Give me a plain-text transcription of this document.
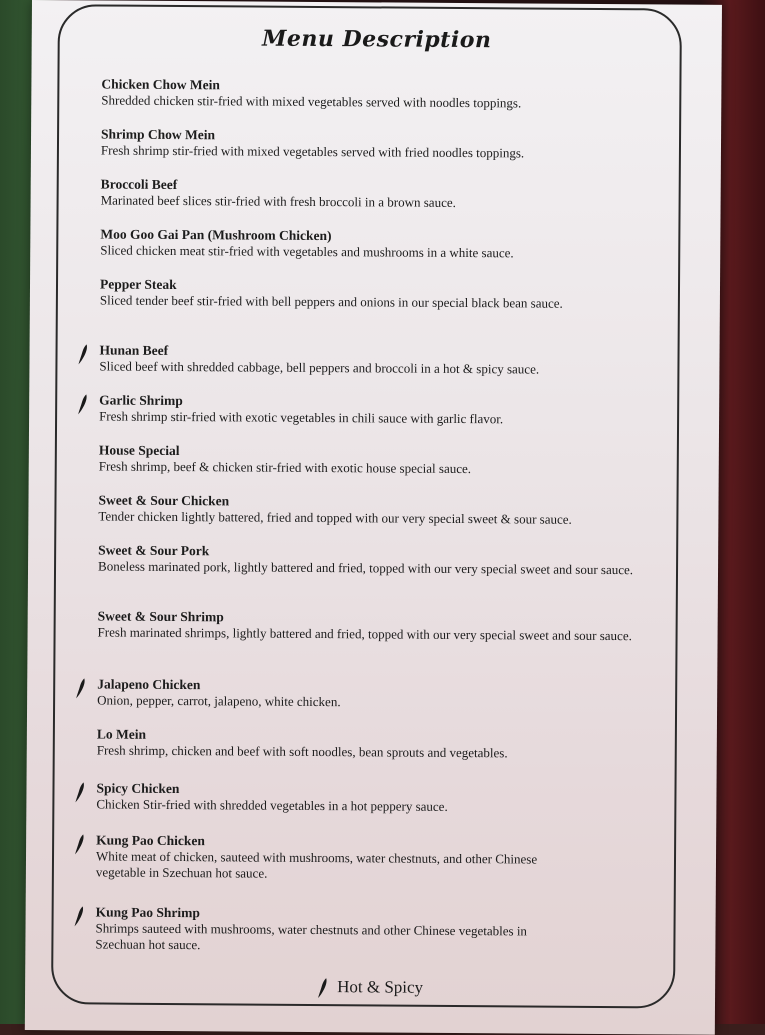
Menu Description
Chicken Chow Mein
Shredded chicken stir-fried with mixed vegetables served with noodles toppings.
Shrimp Chow Mein
Fresh shrimp stir-fried with mixed vegetables served with fried noodles toppings.
Broccoli Beef
Marinated beef slices stir-fried with fresh broccoli in a brown sauce.
Moo Goo Gai Pan (Mushroom Chicken)
Sliced chicken meat stir-fried with vegetables and mushrooms in a white sauce.
Pepper Steak
Sliced tender beef stir-fried with bell peppers and onions in our special black bean sauce.
Hunan Beef
Sliced beef with shredded cabbage, bell peppers and broccoli in a hot & spicy sauce.
Garlic Shrimp
Fresh shrimp stir-fried with exotic vegetables in chili sauce with garlic flavor.
House Special
Fresh shrimp, beef & chicken stir-fried with exotic house special sauce.
Sweet & Sour Chicken
Tender chicken lightly battered, fried and topped with our very special sweet & sour sauce.
Sweet & Sour Pork
Boneless marinated pork, lightly battered and fried, topped with our very special sweet and sour sauce.
Sweet & Sour Shrimp
Fresh marinated shrimps, lightly battered and fried, topped with our very special sweet and sour sauce.
Jalapeno Chicken
Onion, pepper, carrot, jalapeno, white chicken.
Lo Mein
Fresh shrimp, chicken and beef with soft noodles, bean sprouts and vegetables.
Spicy Chicken
Chicken Stir-fried with shredded vegetables in a hot peppery sauce.
Kung Pao Chicken
White meat of chicken, sauteed with mushrooms, water chestnuts, and other Chinese vegetable in Szechuan hot sauce.
Kung Pao Shrimp
Shrimps sauteed with mushrooms, water chestnuts and other Chinese vegetables in Szechuan hot sauce.
Hot & Spicy
